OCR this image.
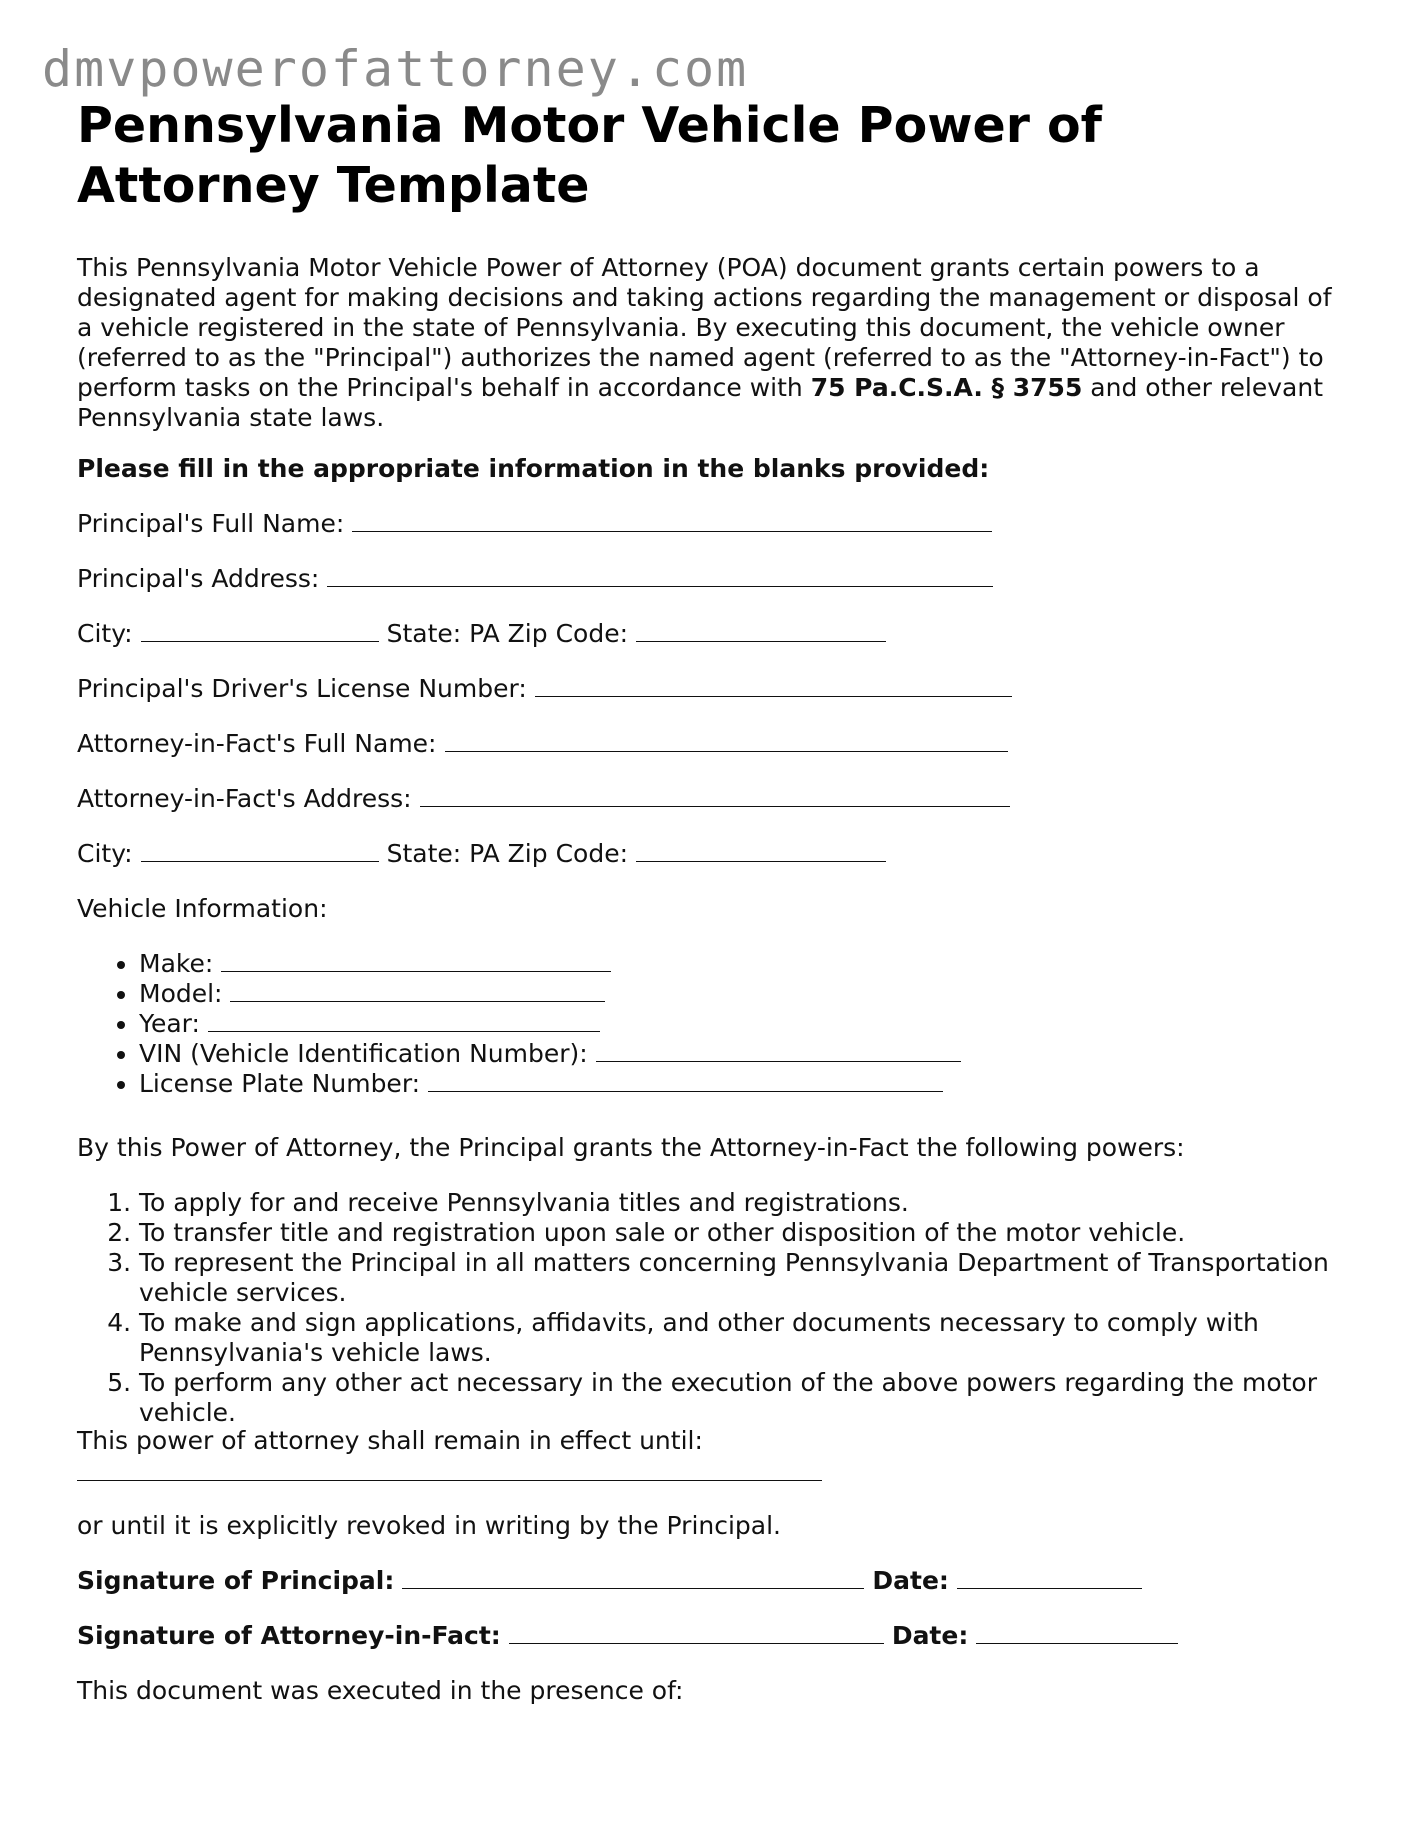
dmvpowerofattorney.com
Pennsylvania Motor Vehicle Power of Attorney Template

This Pennsylvania Motor Vehicle Power of Attorney (POA) document grants certain powers to a designated agent for making decisions and taking actions regarding the management or disposal of a vehicle registered in the state of Pennsylvania. By executing this document, the vehicle owner (referred to as the "Principal") authorizes the named agent (referred to as the "Attorney-in-Fact") to perform tasks on the Principal's behalf in accordance with 75 Pa.C.S.A. § 3755 and other relevant Pennsylvania state laws.

Please fill in the appropriate information in the blanks provided:
Principal's Full Name:
Principal's Address:
City:	State: PA Zip Code:
Principal's Driver's License Number:
Attorney-in-Fact's Full Name:
Attorney-in-Fact's Address:
City:	State: PA Zip Code:
Vehicle Information:
• Make:
• Model:
• Year:
• VIN (Vehicle Identification Number):
• License Plate Number:
By this Power of Attorney, the Principal grants the Attorney-in-Fact the following powers:
1. To apply for and receive Pennsylvania titles and registrations.
2. To transfer title and registration upon sale or other disposition of the motor vehicle.
3. To represent the Principal in all matters concerning Pennsylvania Department of Transportation vehicle services.
4. To make and sign applications, affidavits, and other documents necessary to comply with Pennsylvania's vehicle laws.
5. To perform any other act necessary in the execution of the above powers regarding the motor vehicle.
This power of attorney shall remain in effect until:
or until it is explicitly revoked in writing by the Principal.
Signature of Principal:	Date:
Signature of Attorney-in-Fact:	Date:
This document was executed in the presence of:
